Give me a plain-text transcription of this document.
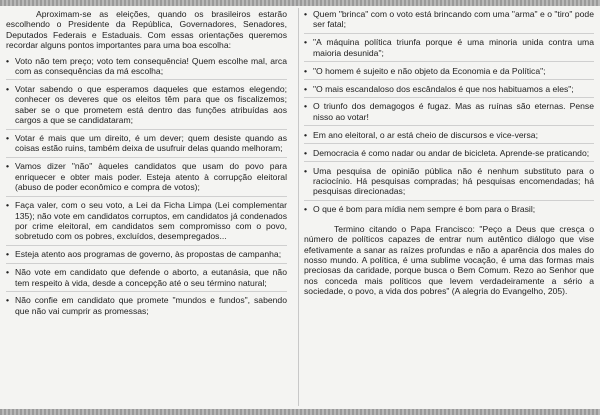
Aproximam-se as eleições, quando os brasileiros estarão escolhendo o Presidente da República, Governadores, Senadores, Deputados Federais e Estaduais. Com essas orientações queremos recordar alguns pontos importantes para uma boa escolha:

• Voto não tem preço; voto tem consequência! Quem escolhe mal, arca com as consequências da má escolha;
• Votar sabendo o que esperamos daqueles que estamos elegendo; conhecer os deveres que os eleitos têm para que os fiscalizemos; saber se o que prometem está dentro das funções atribuídas aos cargos a que se candidataram;
• Votar é mais que um direito, é um dever; quem desiste quando as coisas estão ruins, também deixa de usufruir delas quando melhoram;
• Vamos dizer "não" àqueles candidatos que usam do povo para enriquecer e obter mais poder. Esteja atento à corrupção eleitoral (abuso de poder econômico e compra de votos);
• Faça valer, com o seu voto, a Lei da Ficha Limpa (Lei complementar 135); não vote em candidatos corruptos, em candidatos já condenados por crime eleitoral, em candidatos sem compromisso com o povo, sobretudo com os pobres, excluídos, desempregados...
• Esteja atento aos programas de governo, às propostas de campanha;
• Não vote em candidato que defende o aborto, a eutanásia, que não tem respeito à vida, desde a concepção até o seu término natural;
• Não confie em candidato que promete "mundos e fundos", sabendo que não vai cumprir as promessas;
• Quem "brinca" com o voto está brincando com uma "arma" e o "tiro" pode ser fatal;
• "A máquina política triunfa porque é uma minoria unida contra uma maioria desunida";
• "O homem é sujeito e não objeto da Economia e da Política";
• "O mais escandaloso dos escândalos é que nos habituamos a eles";
• O triunfo dos demagogos é fugaz. Mas as ruínas são eternas. Pense nisso ao votar!
• Em ano eleitoral, o ar está cheio de discursos e vice-versa;
• Democracia é como nadar ou andar de bicicleta. Aprende-se praticando;
• Uma pesquisa de opinião pública não é nenhum substituto para o raciocínio. Há pesquisas compradas; há pesquisas encomendadas; há pesquisas direcionadas;
• O que é bom para mídia nem sempre é bom para o Brasil;

Termino citando o Papa Francisco: "Peço a Deus que cresça o número de políticos capazes de entrar num autêntico diálogo que vise efetivamente a sanar as raízes profundas e não a aparência dos males do nosso mundo. A política, é uma sublime vocação, é uma das formas mais preciosas da caridade, porque busca o Bem Comum. Rezo ao Senhor que nos conceda mais políticos que levem verdadeiramente a sério a sociedade, o povo, a vida dos pobres" (A alegria do Evangelho, 205).
